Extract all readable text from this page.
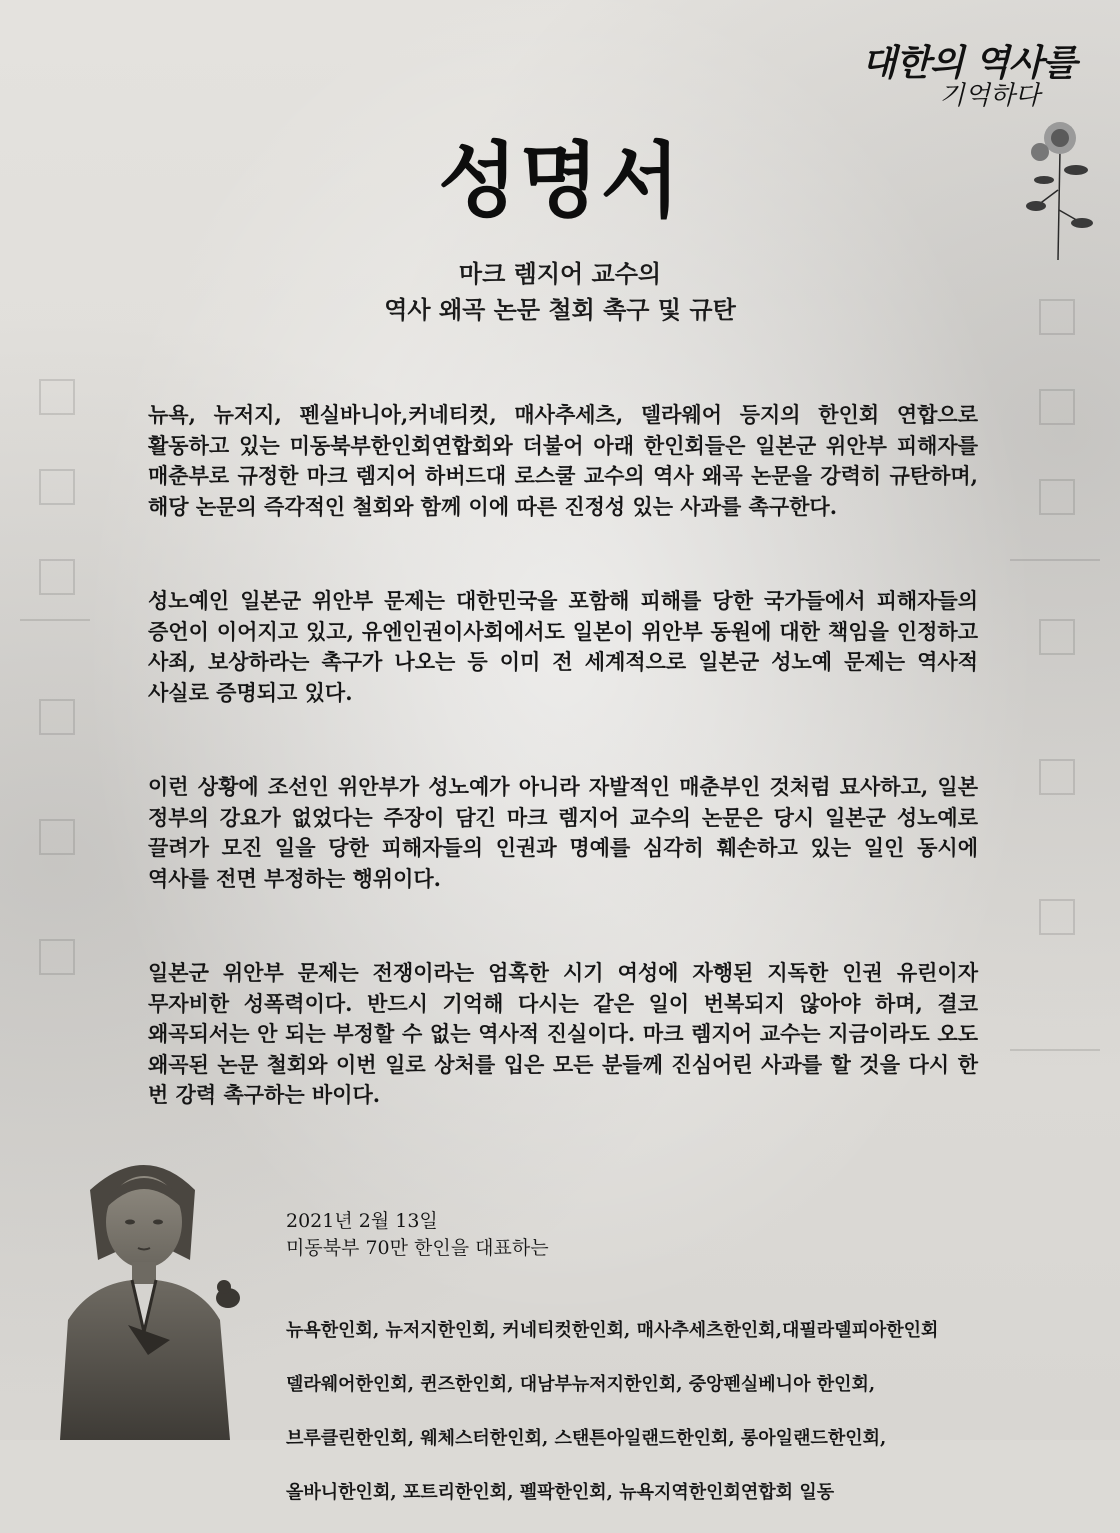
대한의 역사를
기억하다
성명서
마크 렘지어 교수의
역사 왜곡 논문 철회 촉구 및 규탄

뉴욕, 뉴저지, 펜실바니아,커네티컷, 매사추세츠, 델라웨어 등지의 한인회 연합으로 활동하고 있는 미동북부한인회연합회와 더불어 아래 한인회들은 일본군 위안부 피해자를 매춘부로 규정한 마크 렘지어 하버드대 로스쿨 교수의 역사 왜곡 논문을 강력히 규탄하며, 해당 논문의 즉각적인 철회와 함께 이에 따른 진정성 있는 사과를 촉구한다.

성노예인 일본군 위안부 문제는 대한민국을 포함해 피해를 당한 국가들에서 피해자들의 증언이 이어지고 있고, 유엔인권이사회에서도 일본이 위안부 동원에 대한 책임을 인정하고 사죄, 보상하라는 촉구가 나오는 등 이미 전 세계적으로 일본군 성노예 문제는 역사적 사실로 증명되고 있다.

이런 상황에 조선인 위안부가 성노예가 아니라 자발적인 매춘부인 것처럼 묘사하고, 일본 정부의 강요가 없었다는 주장이 담긴 마크 렘지어 교수의 논문은 당시 일본군 성노예로 끌려가 모진 일을 당한 피해자들의 인권과 명예를 심각히 훼손하고 있는 일인 동시에 역사를 전면 부정하는 행위이다.

일본군 위안부 문제는 전쟁이라는 엄혹한 시기 여성에 자행된 지독한 인권 유린이자 무자비한 성폭력이다. 반드시 기억해 다시는 같은 일이 번복되지 않아야 하며, 결코 왜곡되서는 안 되는 부정할 수 없는 역사적 진실이다. 마크 렘지어 교수는 지금이라도 오도 왜곡된 논문 철회와 이번 일로 상처를 입은 모든 분들께 진심어린 사과를 할 것을 다시 한 번 강력 촉구하는 바이다.

2021년 2월 13일
미동북부 70만 한인을 대표하는

뉴욕한인회, 뉴저지한인회, 커네티컷한인회, 매사추세츠한인회,대필라델피아한인회

델라웨어한인회, 퀸즈한인회, 대남부뉴저지한인회, 중앙펜실베니아 한인회,

브루클린한인회, 웨체스터한인회, 스탠튼아일랜드한인회, 롱아일랜드한인회,

올바니한인회, 포트리한인회, 펠팍한인회, 뉴욕지역한인회연합회 일동
